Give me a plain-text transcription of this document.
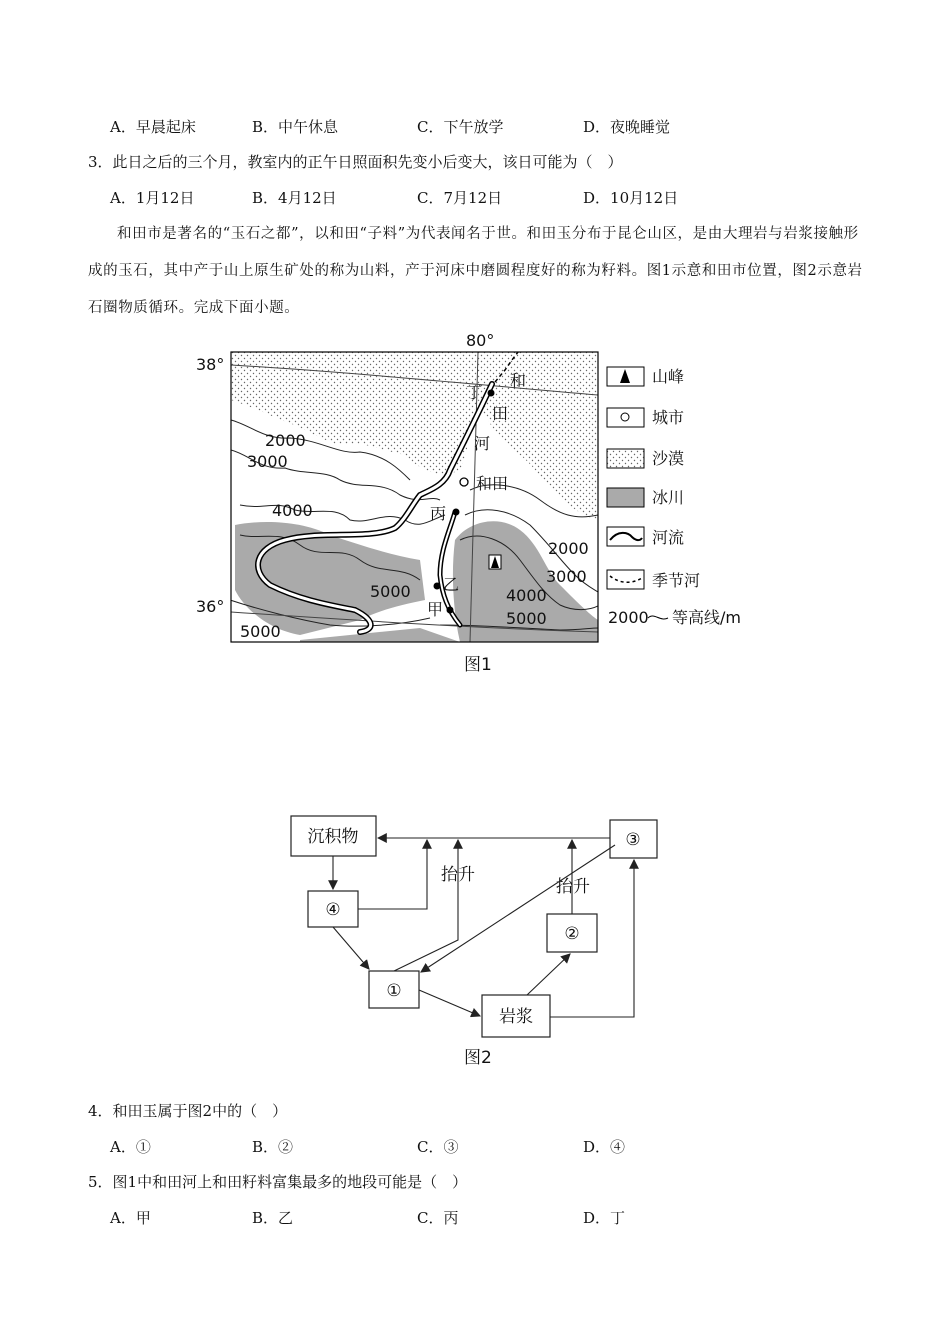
A．早晨起床	B．中午休息	C．下午放学	D．夜晚睡觉
3．此日之后的三个月，教室内的正午日照面积先变小后变大，该日可能为（　）
A．1月12日	B．4月12日	C．7月12日	D．10月12日
和田市是著名的“玉石之都”，以和田“子料”为代表闻名于世。和田玉分布于昆仑山区，是由大理岩与岩浆接触形成的玉石，其中产于山上原生矿处的称为山料，产于河床中磨圆程度好的称为籽料。图1示意和田市位置，图2示意岩石圈物质循环。完成下面小题。
80°
38°
36°
和
田
河
和田
丁
丙
乙
甲
2000
3000
4000
5000
2000
3000
4000
5000
5000
山峰
城市
沙漠
冰川
河流
季节河
2000 等高线/m
图1
沉积物
④
①
岩浆
②
③
抬升
抬升
图2
4．和田玉属于图2中的（　）
A．①	B．②	C．③	D．④
5．图1中和田河上和田籽料富集最多的地段可能是（　）
A．甲	B．乙	C．丙	D．丁
